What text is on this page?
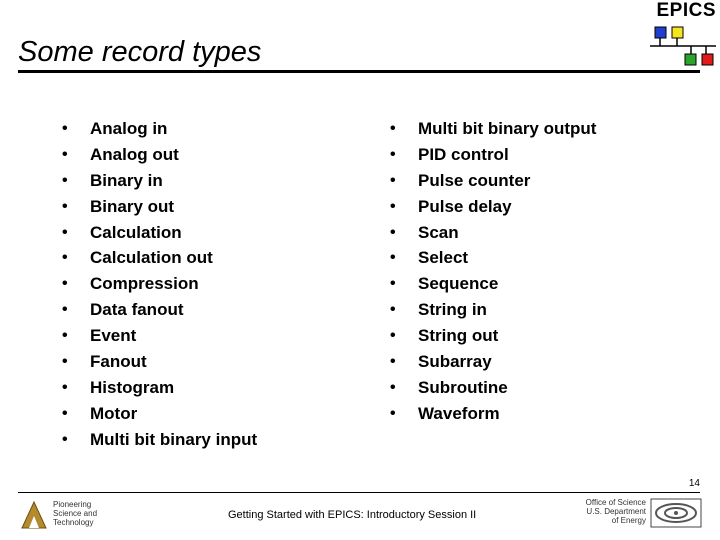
EPICS
Some record types
• Analog in
• Analog out
• Binary in
• Binary out
• Calculation
• Calculation out
• Compression
• Data fanout
• Event
• Fanout
• Histogram
• Motor
• Multi bit binary input
• Multi bit binary output
• PID control
• Pulse counter
• Pulse delay
• Scan
• Select
• Sequence
• String in
• String out
• Subarray
• Subroutine
• Waveform
14
Pioneering
Science and
Technology
Getting Started with EPICS: Introductory Session II
Office of Science
U.S. Department
of Energy
